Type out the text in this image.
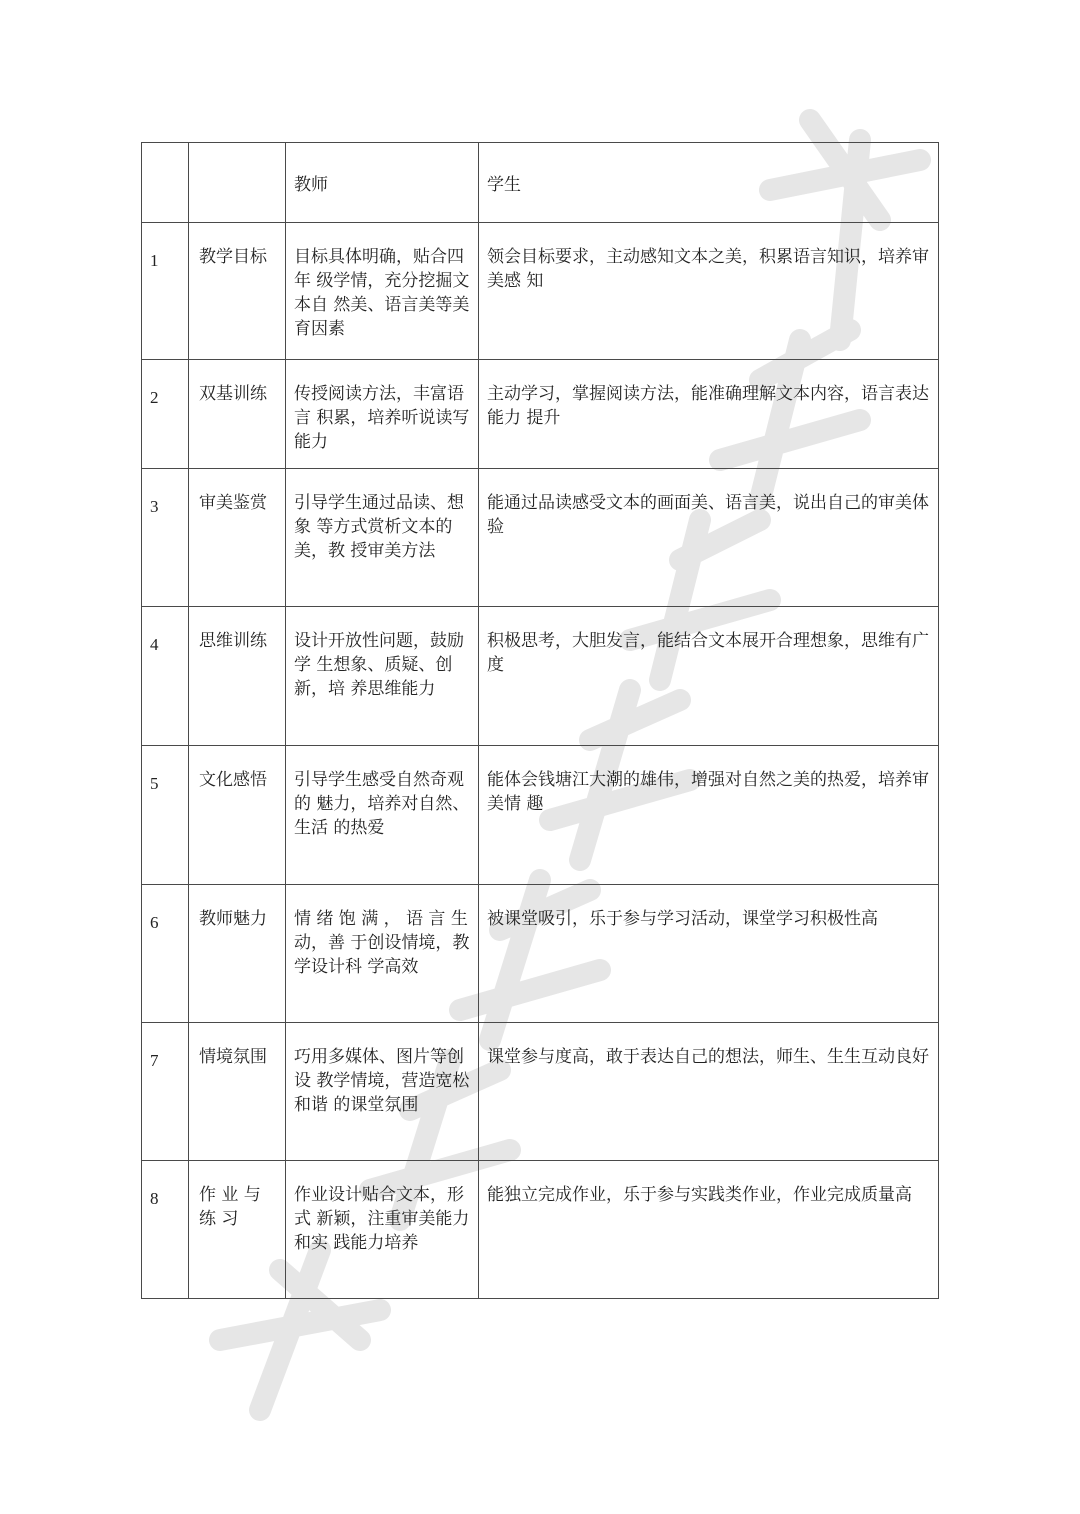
		教师	学生

1	教学目标	目标具体明确，贴合四年 级学情，充分挖掘文本自 然美、语言美等美育因素	领会目标要求，主动感知文本之美，积累语言知识，培养审美感 知

2	双基训练	传授阅读方法，丰富语言 积累，培养听说读写能力	主动学习，掌握阅读方法，能准确理解文本内容，语言表达能力 提升

3	审美鉴赏	引导学生通过品读、想象 等方式赏析文本的美，教 授审美方法	能通过品读感受文本的画面美、语言美，说出自己的审美体验

4	思维训练	设计开放性问题，鼓励学 生想象、质疑、创新，培 养思维能力	积极思考，大胆发言，能结合文本展开合理想象，思维有广度

5	文化感悟	引导学生感受自然奇观的 魅力，培养对自然、生活 的热爱	能体会钱塘江大潮的雄伟，增强对自然之美的热爱，培养审美情 趣

6	教师魅力	情 绪 饱 满 ， 语 言 生 动，善 于创设情境，教学设计科 学高效	被课堂吸引，乐于参与学习活动，课堂学习积极性高

7	情境氛围	巧用多媒体、图片等创设 教学情境，营造宽松和谐 的课堂氛围	课堂参与度高，敢于表达自己的想法，师生、生生互动良好

8	作 业 与 练 习	作业设计贴合文本，形式 新颖，注重审美能力和实 践能力培养	能独立完成作业，乐于参与实践类作业，作业完成质量高
